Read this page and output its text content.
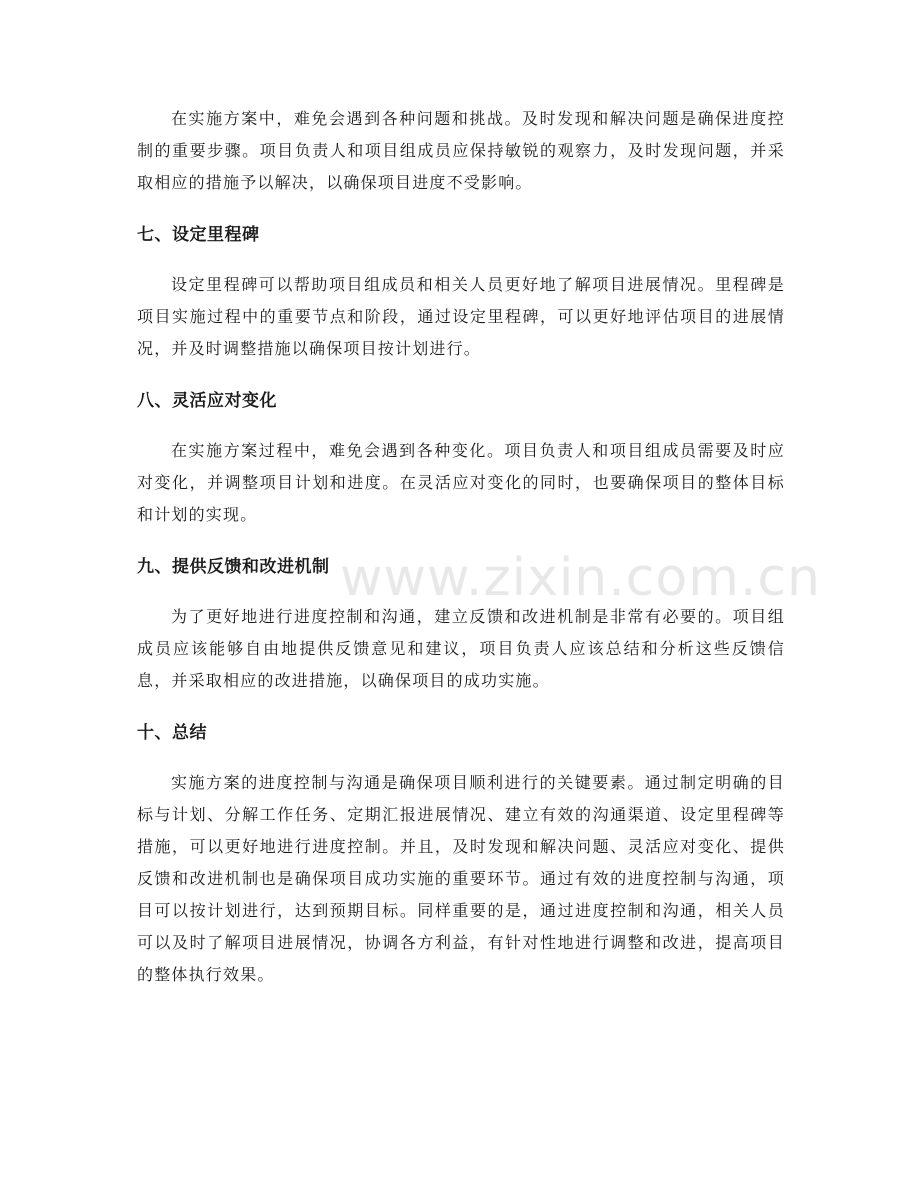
在实施方案中，难免会遇到各种问题和挑战。及时发现和解决问题是确保进度控制的重要步骤。项目负责人和项目组成员应保持敏锐的观察力，及时发现问题，并采取相应的措施予以解决，以确保项目进度不受影响。

七、设定里程碑

设定里程碑可以帮助项目组成员和相关人员更好地了解项目进展情况。里程碑是项目实施过程中的重要节点和阶段，通过设定里程碑，可以更好地评估项目的进展情况，并及时调整措施以确保项目按计划进行。

八、灵活应对变化

在实施方案过程中，难免会遇到各种变化。项目负责人和项目组成员需要及时应对变化，并调整项目计划和进度。在灵活应对变化的同时，也要确保项目的整体目标和计划的实现。

九、提供反馈和改进机制

为了更好地进行进度控制和沟通，建立反馈和改进机制是非常有必要的。项目组成员应该能够自由地提供反馈意见和建议，项目负责人应该总结和分析这些反馈信息，并采取相应的改进措施，以确保项目的成功实施。

十、总结

实施方案的进度控制与沟通是确保项目顺利进行的关键要素。通过制定明确的目标与计划、分解工作任务、定期汇报进展情况、建立有效的沟通渠道、设定里程碑等措施，可以更好地进行进度控制。并且，及时发现和解决问题、灵活应对变化、提供反馈和改进机制也是确保项目成功实施的重要环节。通过有效的进度控制与沟通，项目可以按计划进行，达到预期目标。同样重要的是，通过进度控制和沟通，相关人员可以及时了解项目进展情况，协调各方利益，有针对性地进行调整和改进，提高项目的整体执行效果。

www.zixin.com.cn
